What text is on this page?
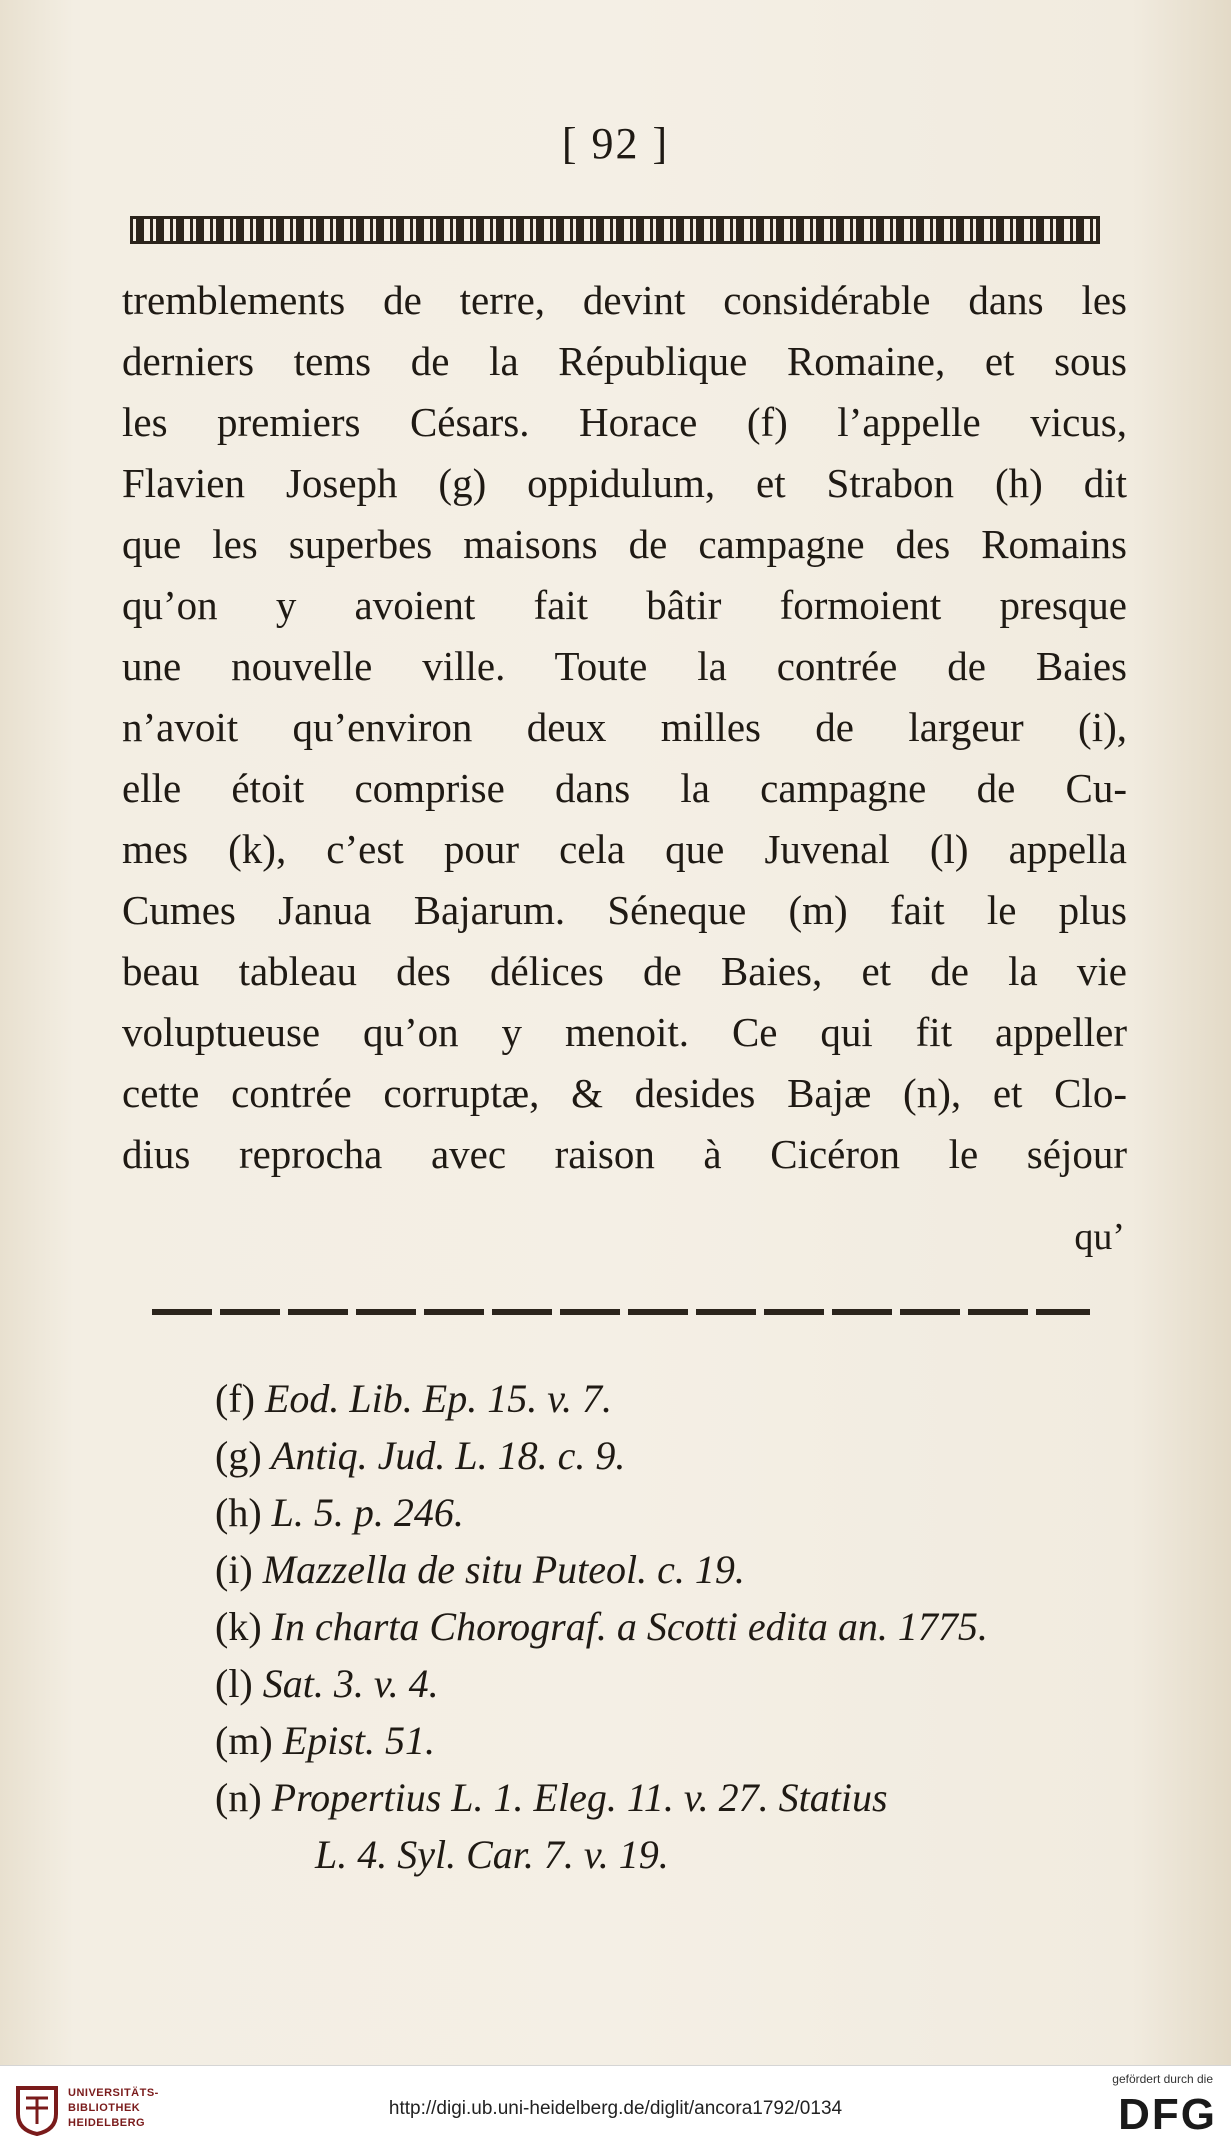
[ 92 ]
tremblements de terre, devint considérable dans les
derniers tems de la République Romaine, et sous
les premiers Césars. Horace (f) l’appelle vicus,
Flavien Joseph (g) oppidulum, et Strabon (h) dit
que les superbes maisons de campagne des Romains
qu’on y avoient fait bâtir formoient presque
une nouvelle ville. Toute la contrée de Baies
n’avoit qu’environ deux milles de largeur (i),
elle étoit comprise dans la campagne de Cu-
mes (k), c’est pour cela que Juvenal (l) appella
Cumes Janua Bajarum. Séneque (m) fait le plus
beau tableau des délices de Baies, et de la vie
voluptueuse qu’on y menoit. Ce qui fit appeller
cette contrée corruptæ, & desides Bajæ (n), et Clo-
dius reprocha avec raison à Cicéron le séjour
qu’
(f) Eod. Lib. Ep. 15. v. 7.
(g) Antiq. Jud. L. 18. c. 9.
(h) L. 5. p. 246.
(i) Mazzella de situ Puteol. c. 19.
(k) In charta Chorograf. a Scotti edita an. 1775.
(l) Sat. 3. v. 4.
(m) Epist. 51.
(n) Propertius L. 1. Eleg. 11. v. 27. Statius
L. 4. Syl. Car. 7. v. 19.
UNIVERSITÄTS-
BIBLIOTHEK
HEIDELBERG
http://digi.ub.uni-heidelberg.de/diglit/ancora1792/0134
gefördert durch die
DFG
